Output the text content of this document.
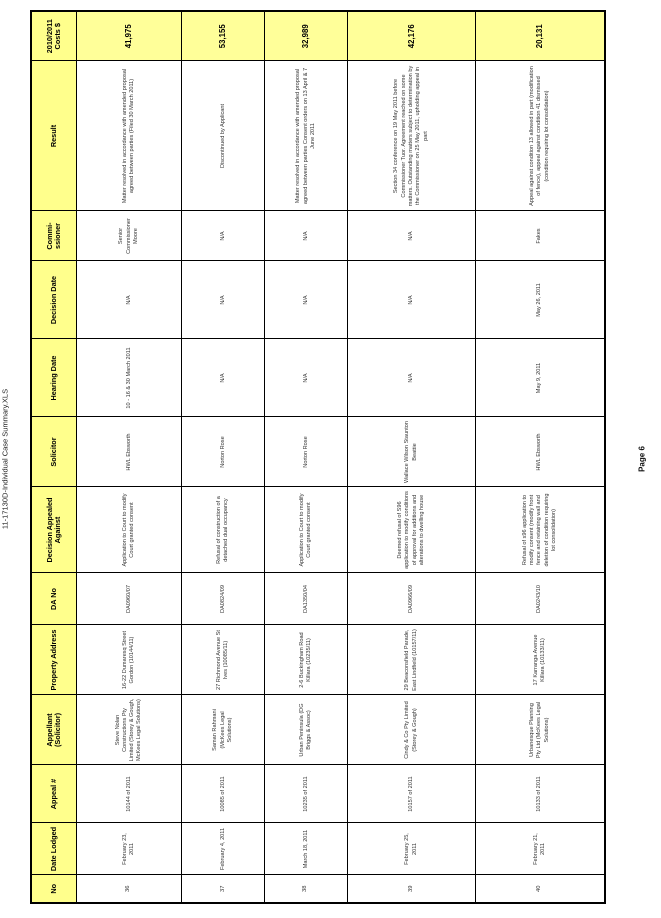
11-17130D-Individual Case Summary.XLS
No	Date Lodged	Appeal #	Appellant (Solicitor)	Property Address	DA No	Decision Appealed Against	Solicitor	Hearing Date	Decision Date	Commi-ssioner	Result	2010/2011 Costs $
36	February 23, 2011	10144 of 2011	Steve Nolan Constructions Pty Limited (Storey & Gough, McKees Legal Solutions)	16-22 Dumaresq Street Gordon (10144/11)	DA0960/07	Application to Court to modify Court granted consent	HWL Ebsworth	10 - 16 & 30 March 2011	N/A	Senior Commissioner Moore	Matter resolved in accordance with amended proposal agreed between parties (Filed 30 March 2011)	41,975
37	February 4, 2011	10085 of 2011	Saman Rahmani (McKees Legal Solutions)	27 Richmond Avenue St Ives (10085/11)	DA0824/09	Refusal of construction of a detached dual occupancy	Norton Rose	N/A	N/A	N/A	Discontinued by Applicant	53,155
38	March 18, 2011	10235 of 2011	Urban Peninsula (DG Briggs & Assoc)	2-6 Buckingham Road Killara (10235/11)	DA1350/04	Application to Court to modify Court granted consent	Norton Rose	N/A	N/A	N/A	Matter resolved in accordance with amended proposal agreed between parties Consent orders on 13 April & 7 June 2011	32,989
39	February 25, 2011	10157 of 2011	Cindy & Co Pty Limited (Storey & Gough)	29 Beaconsfield Parade, East Lindfield (10157/11)	DA0966/09	Deemed refusal of S96 application to modify conditions of approval for additions and alterations to dwelling house	Wallace Wilson Staunton Beattie	N/A	N/A	N/A	Section 34 conference on 19 May 2011 before Commissioner Tuor. Agreement reached on some matters. Outstanding matters subject to determination by the Commissioner on 25 May 2011, upholding appeal in part	42,176
40	February 21, 2011	10133 of 2011	Urbanesque Planning Pty Ltd (McKees Legal Solutions)	17 Karranga Avenue Killara (10133/11)	DA0243/10	Refusal of s96 application to modify consent (modify front fence and retaining wall and deletion of condition requiring lot consolidation)	HWL Ebsworth	May 9, 2011	May 26, 2011	Fakes	Appeal against condition 13 allowed in part (modification of fence), appeal against condition 41 dismissed (condition requiring lot consolidation)	20,131
Page 6
